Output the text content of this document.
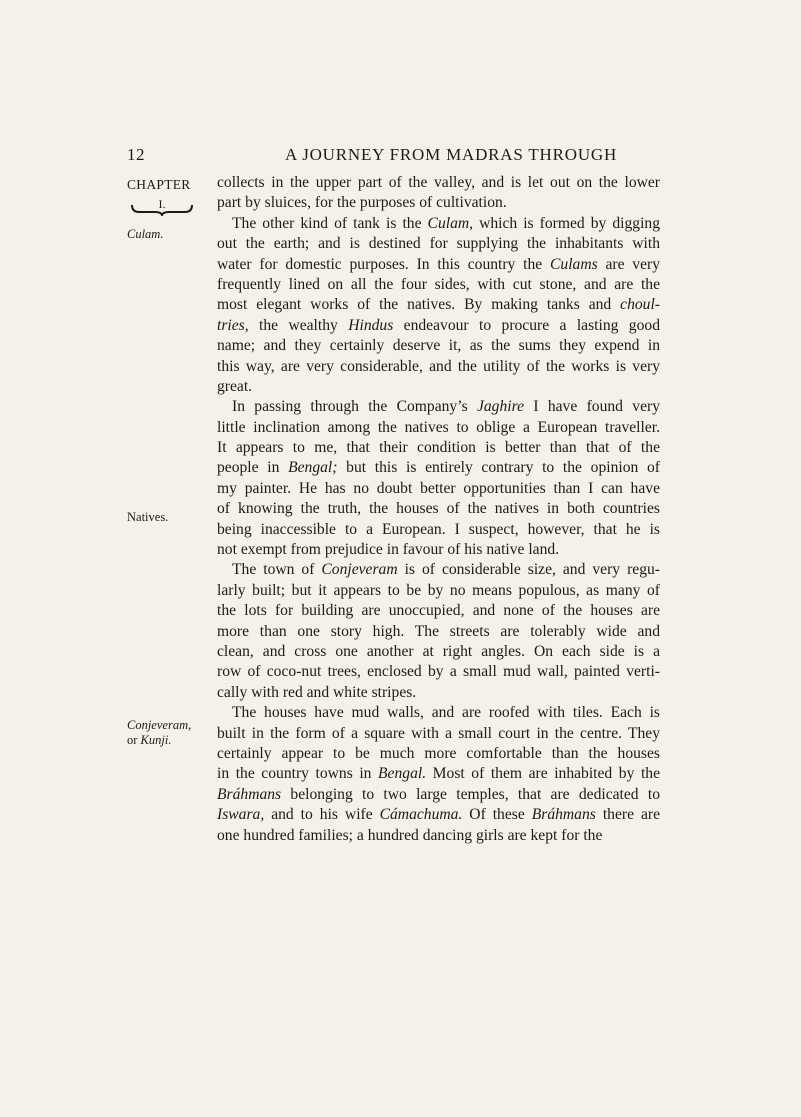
12	A JOURNEY FROM MADRAS THROUGH
CHAPTER
I.
Culam.
Natives.
Conjeveram,
or Kunji.
collects in the upper part of the valley, and is let out on the lower
part by sluices, for the purposes of cultivation.
The other kind of tank is the Culam, which is formed by digging
out the earth; and is destined for supplying the inhabitants with
water for domestic purposes. In this country the Culams are very
frequently lined on all the four sides, with cut stone, and are the
most elegant works of the natives. By making tanks and choul-
tries, the wealthy Hindus endeavour to procure a lasting good
name; and they certainly deserve it, as the sums they expend in
this way, are very considerable, and the utility of the works is very
great.
In passing through the Company’s Jaghire I have found very
little inclination among the natives to oblige a European traveller.
It appears to me, that their condition is better than that of the
people in Bengal; but this is entirely contrary to the opinion of
my painter. He has no doubt better opportunities than I can have
of knowing the truth, the houses of the natives in both countries
being inaccessible to a European. I suspect, however, that he is
not exempt from prejudice in favour of his native land.
The town of Conjeveram is of considerable size, and very regu-
larly built; but it appears to be by no means populous, as many of
the lots for building are unoccupied, and none of the houses are
more than one story high. The streets are tolerably wide and
clean, and cross one another at right angles. On each side is a
row of coco-nut trees, enclosed by a small mud wall, painted verti-
cally with red and white stripes.
The houses have mud walls, and are roofed with tiles. Each is
built in the form of a square with a small court in the centre. They
certainly appear to be much more comfortable than the houses
in the country towns in Bengal. Most of them are inhabited by the
Bráhmans belonging to two large temples, that are dedicated to
Iswara, and to his wife Cámachuma. Of these Bráhmans there are
one hundred families; a hundred dancing girls are kept for the
